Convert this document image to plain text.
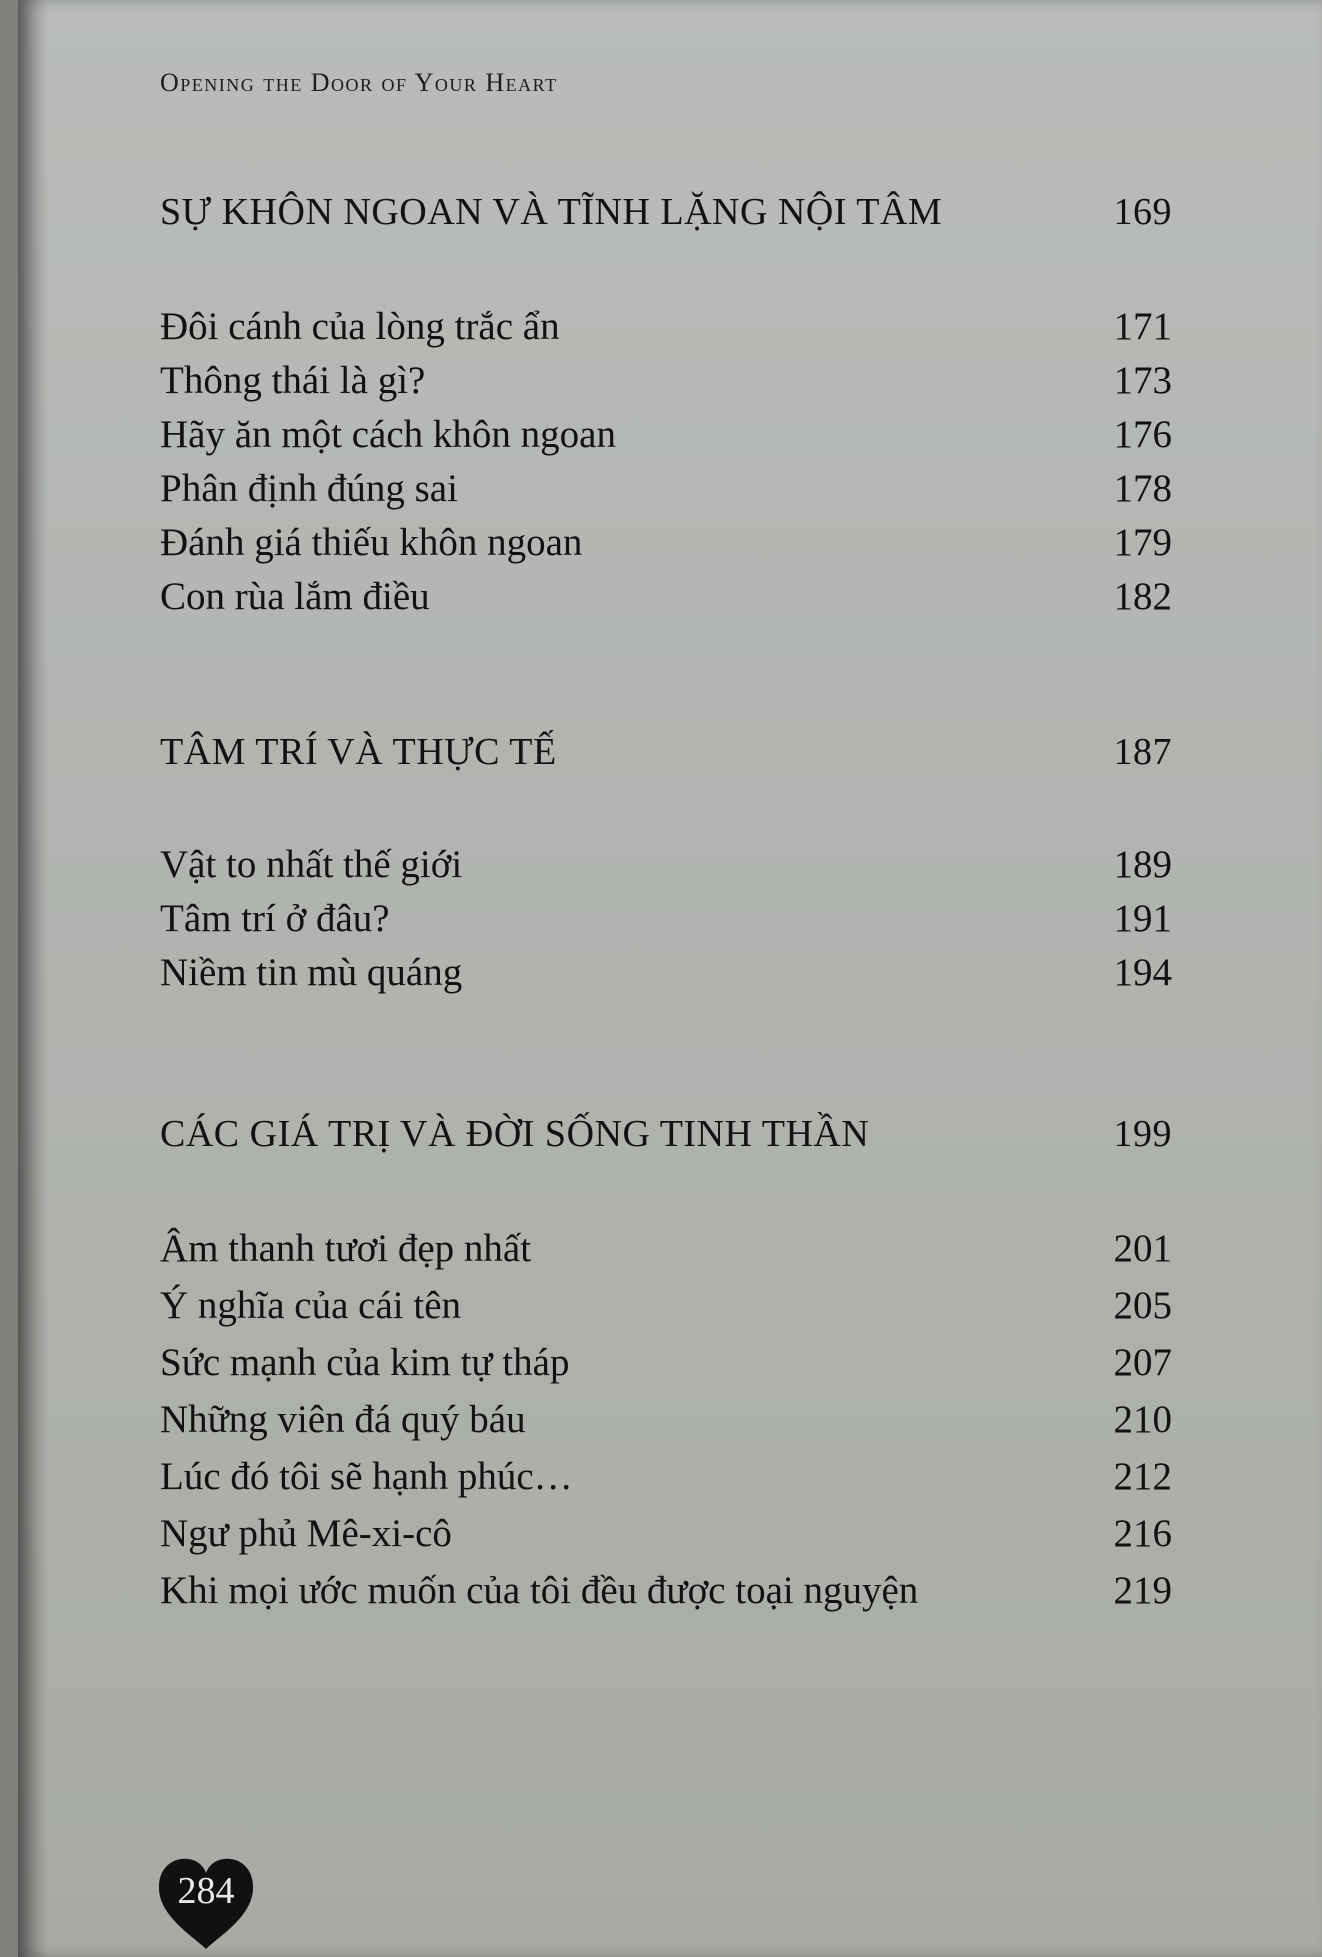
Opening the Door of Your Heart
SỰ KHÔN NGOAN VÀ TĨNH LẶNG NỘI TÂM	169
Đôi cánh của lòng trắc ẩn	171
Thông thái là gì?	173
Hãy ăn một cách khôn ngoan	176
Phân định đúng sai	178
Đánh giá thiếu khôn ngoan	179
Con rùa lắm điều	182
TÂM TRÍ VÀ THỰC TẾ	187
Vật to nhất thế giới	189
Tâm trí ở đâu?	191
Niềm tin mù quáng	194
CÁC GIÁ TRỊ VÀ ĐỜI SỐNG TINH THẦN	199
Âm thanh tươi đẹp nhất	201
Ý nghĩa của cái tên	205
Sức mạnh của kim tự tháp	207
Những viên đá quý báu	210
Lúc đó tôi sẽ hạnh phúc…	212
Ngư phủ Mê-xi-cô	216
Khi mọi ước muốn của tôi đều được toại nguyện	219
284
